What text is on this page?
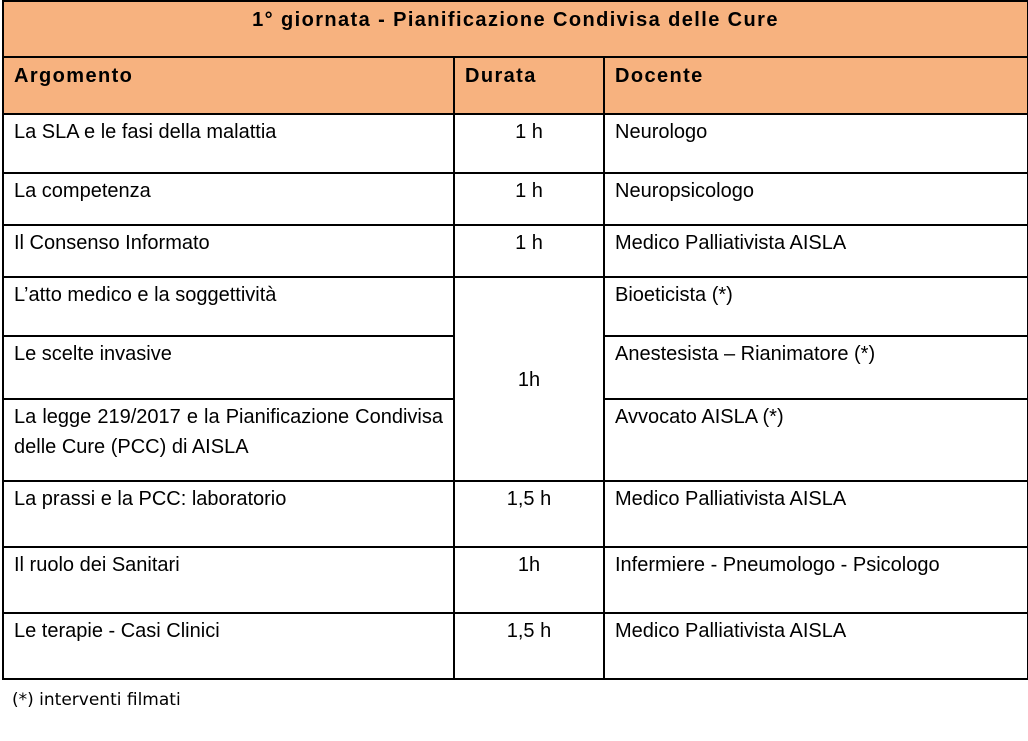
1° giornata - Pianificazione Condivisa delle Cure		
Argomento	Durata	Docente
La SLA e le fasi della malattia	1 h	Neurologo
La competenza	1 h	Neuropsicologo
Il Consenso Informato	1 h	Medico Palliativista AISLA
L’atto medico e la soggettività	1h	Bioeticista (*)
Le scelte invasive		Anestesista – Rianimatore (*)
La legge 219/2017 e la Pianificazione Condivisa delle Cure (PCC) di AISLA		Avvocato AISLA (*)
La prassi e la PCC: laboratorio	1,5 h	Medico Palliativista AISLA
Il ruolo dei Sanitari	1h	Infermiere - Pneumologo - Psicologo
Le terapie - Casi Clinici	1,5 h	Medico Palliativista AISLA
(*) interventi filmati
